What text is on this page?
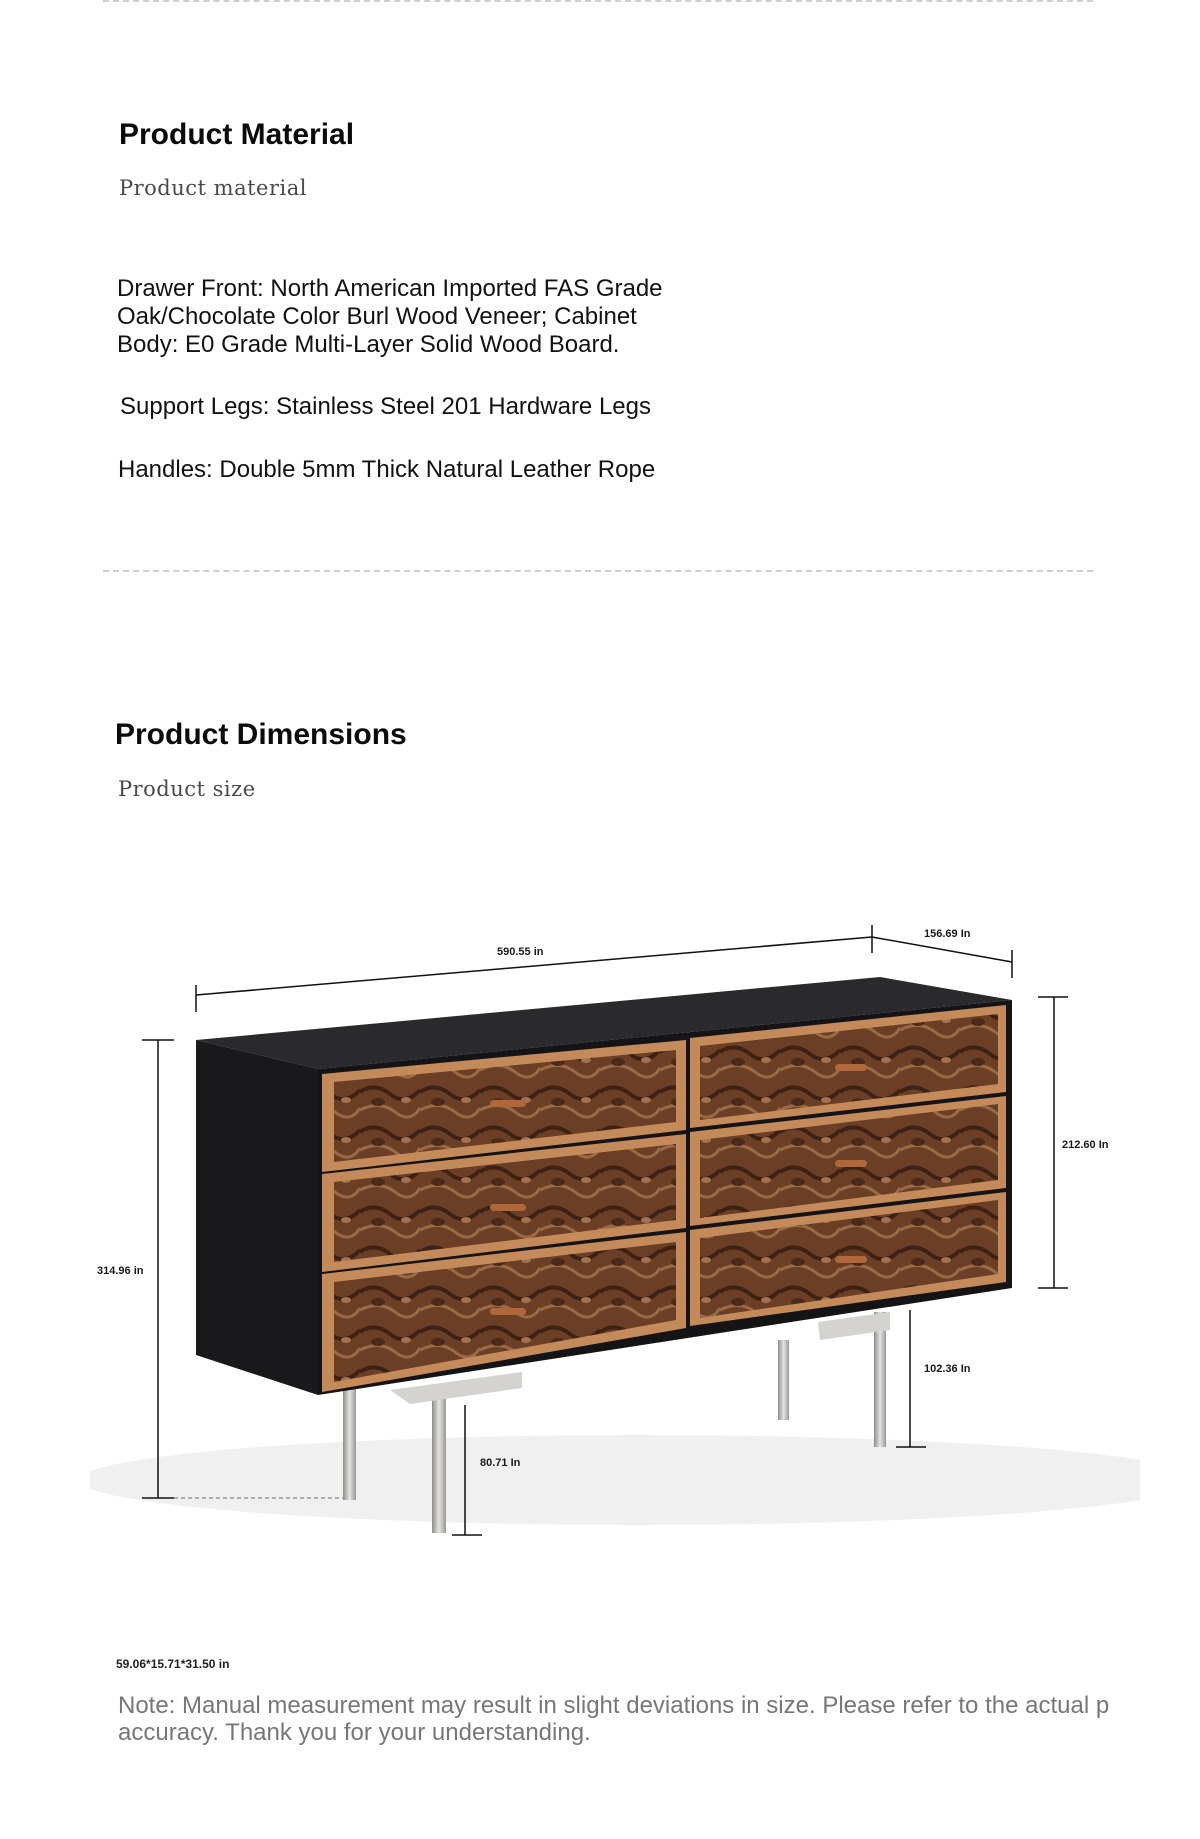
Product Material
Product material
Drawer Front: North American Imported FAS Grade
Oak/Chocolate Color Burl Wood Veneer; Cabinet
Body: E0 Grade Multi-Layer Solid Wood Board.
Support Legs: Stainless Steel 201 Hardware Legs
Handles: Double 5mm Thick Natural Leather Rope
Product Dimensions
Product size
590.55 in
156.69 In
314.96 in
212.60 In
80.71 In
102.36 In
59.06*15.71*31.50 in
Note: Manual measurement may result in slight deviations in size. Please refer to the actual p
accuracy. Thank you for your understanding.
